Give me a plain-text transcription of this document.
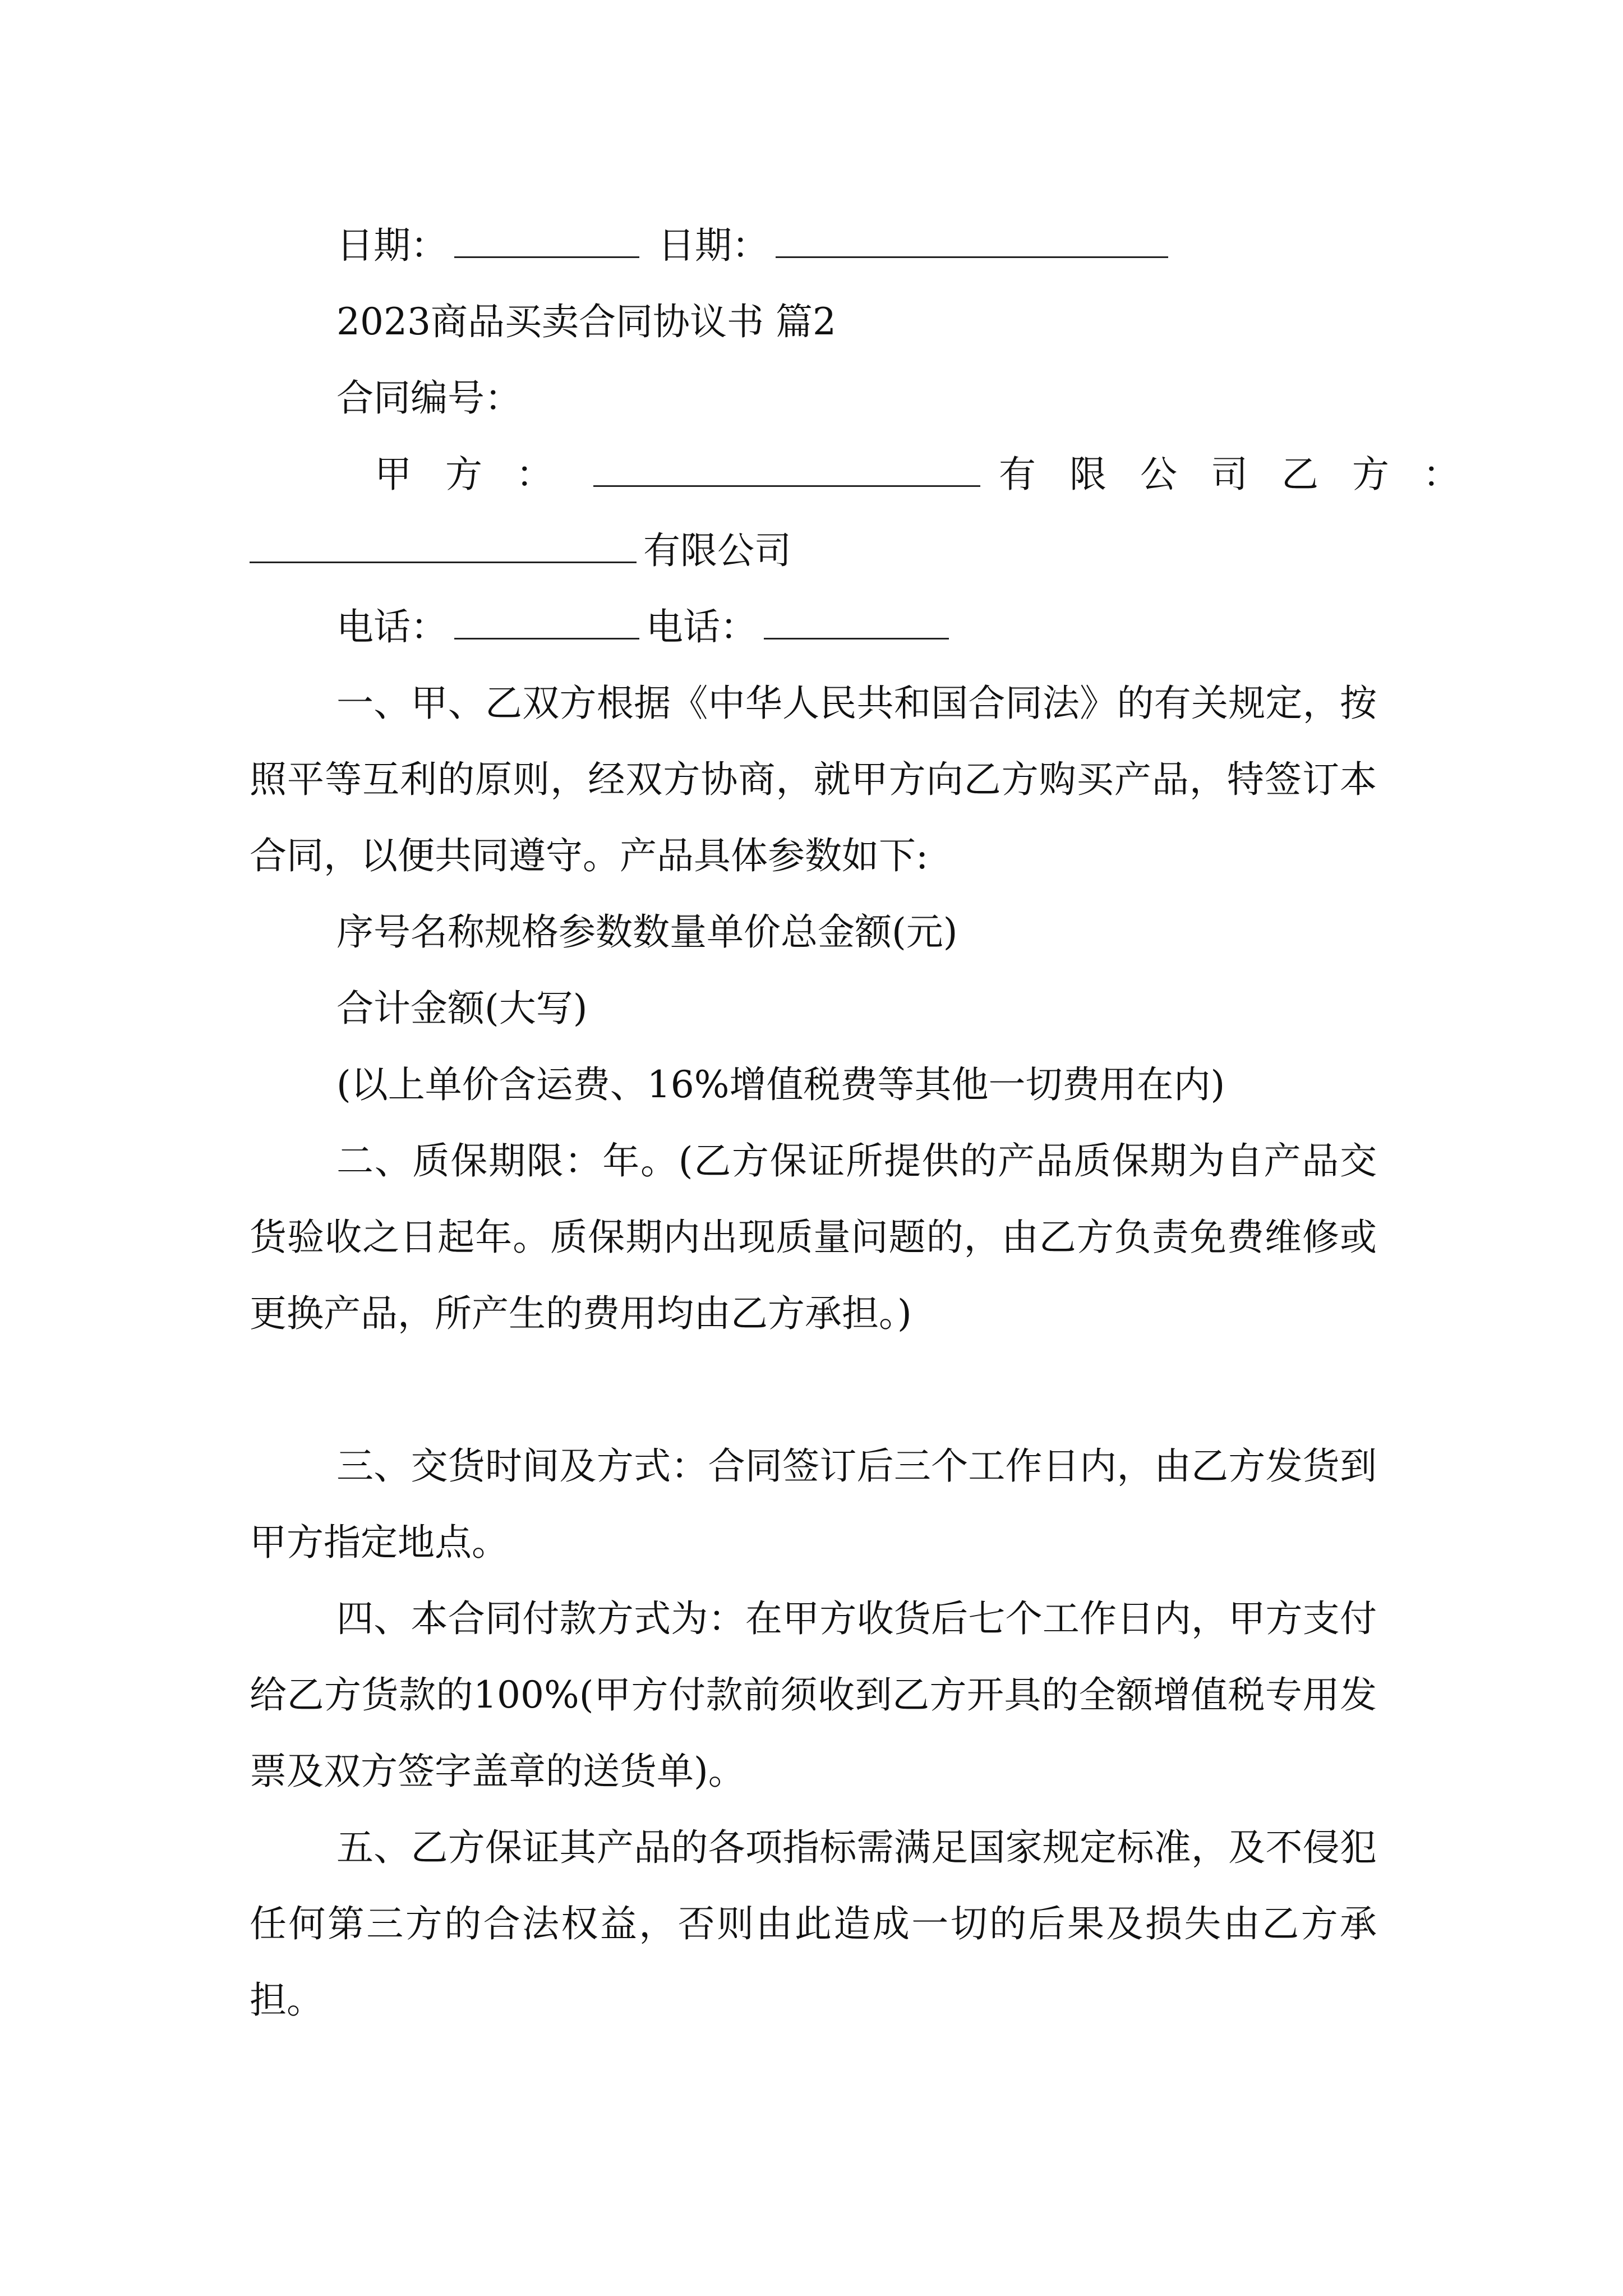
日期：	日期：
2023商品买卖合同协议书 篇2
合同编号：
甲方：	有限公司乙方：
有限公司
电话：	电话：
一、甲、乙双方根据《中华人民共和国合同法》的有关规定，按照平等互利的原则，经双方协商，就甲方向乙方购买产品，特签订本合同，以便共同遵守。产品具体参数如下:
序号名称规格参数数量单价总金额(元)
合计金额(大写)
(以上单价含运费、16%增值税费等其他一切费用在内)
二、质保期限：年。(乙方保证所提供的产品质保期为自产品交货验收之日起年。质保期内出现质量问题的，由乙方负责免费维修或更换产品，所产生的费用均由乙方承担。)
三、交货时间及方式：合同签订后三个工作日内，由乙方发货到甲方指定地点。
四、本合同付款方式为：在甲方收货后七个工作日内，甲方支付给乙方货款的100%(甲方付款前须收到乙方开具的全额增值税专用发票及双方签字盖章的送货单)。
五、乙方保证其产品的各项指标需满足国家规定标准，及不侵犯任何第三方的合法权益，否则由此造成一切的后果及损失由乙方承担。
